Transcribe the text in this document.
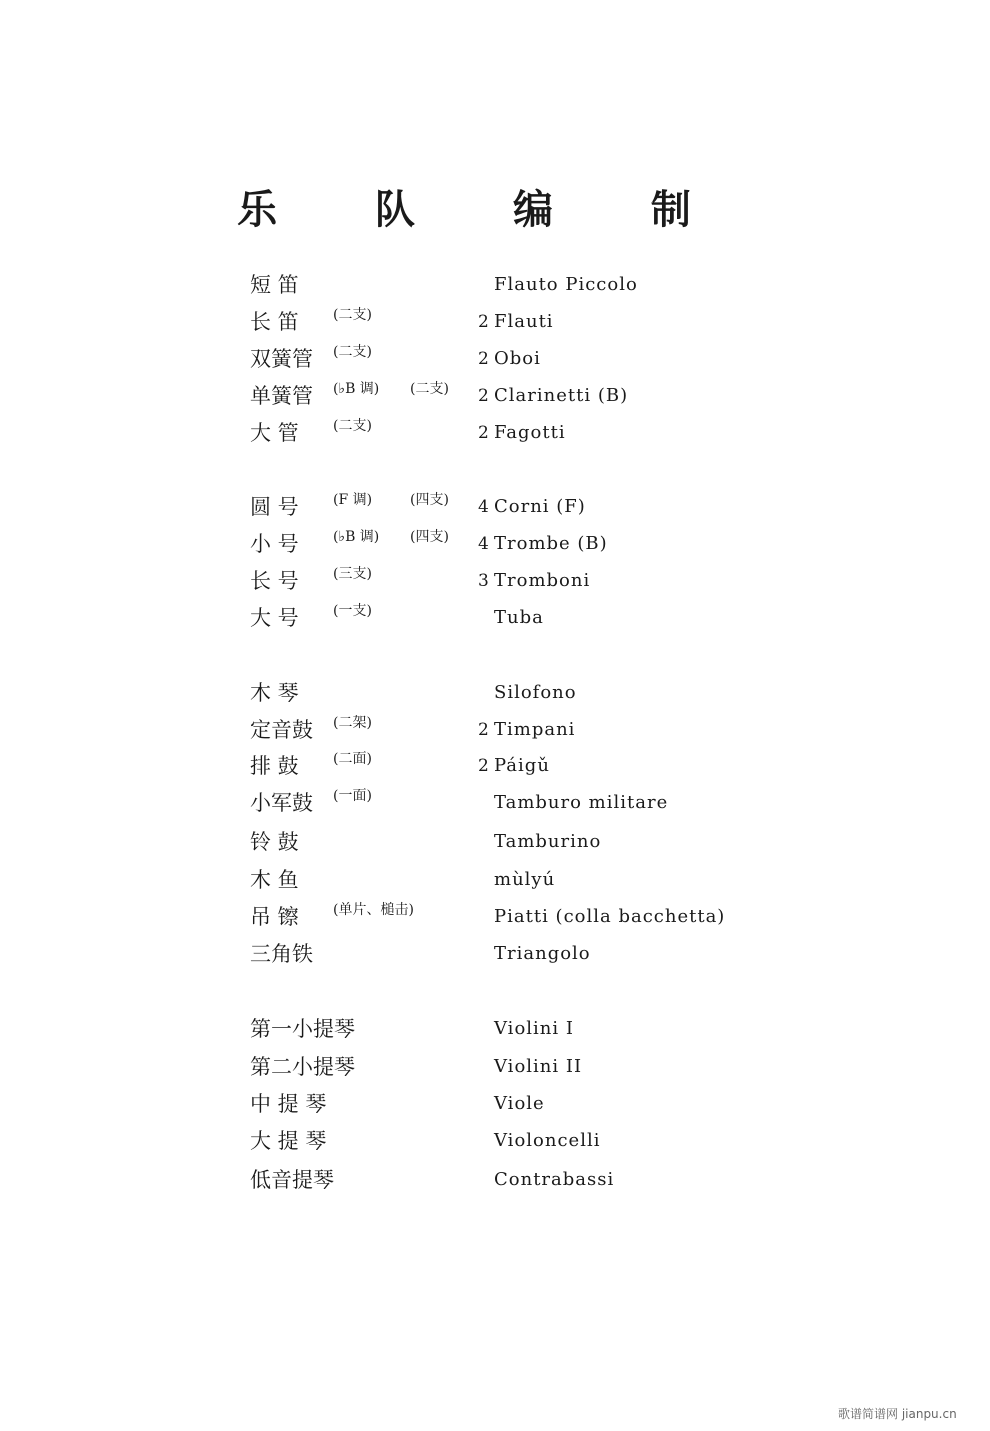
乐 队 编 制
短 笛	Flauto Piccolo
长 笛 (二支)	2 Flauti
双簧管 (二支)	2 Oboi
单簧管 (♭B 调) (二支) 2 Clarinetti (B)
大 管 (二支)	2 Fagotti
圆 号 (F 调)	(四支) 4 Corni (F)
小 号 (♭B 调) (四支) 4 Trombe (B)
长 号 (三支)	3 Tromboni
大 号 (一支)	Tuba
木 琴	Silofono
定音鼓 (二架)	2 Timpani
排 鼓 (二面)	2 Páigǔ
小军鼓 (一面)	Tamburo militare
铃 鼓	Tamburino
木 鱼	mùlyú
吊 镲 (单片、槌击)	Piatti (colla bacchetta)
三角铁	Triangolo
第一小提琴	Violini I
第二小提琴	Violini II
中 提 琴	Viole
大 提 琴	Violoncelli
低音提琴	Contrabassi
歌谱简谱网 jianpu.cn
